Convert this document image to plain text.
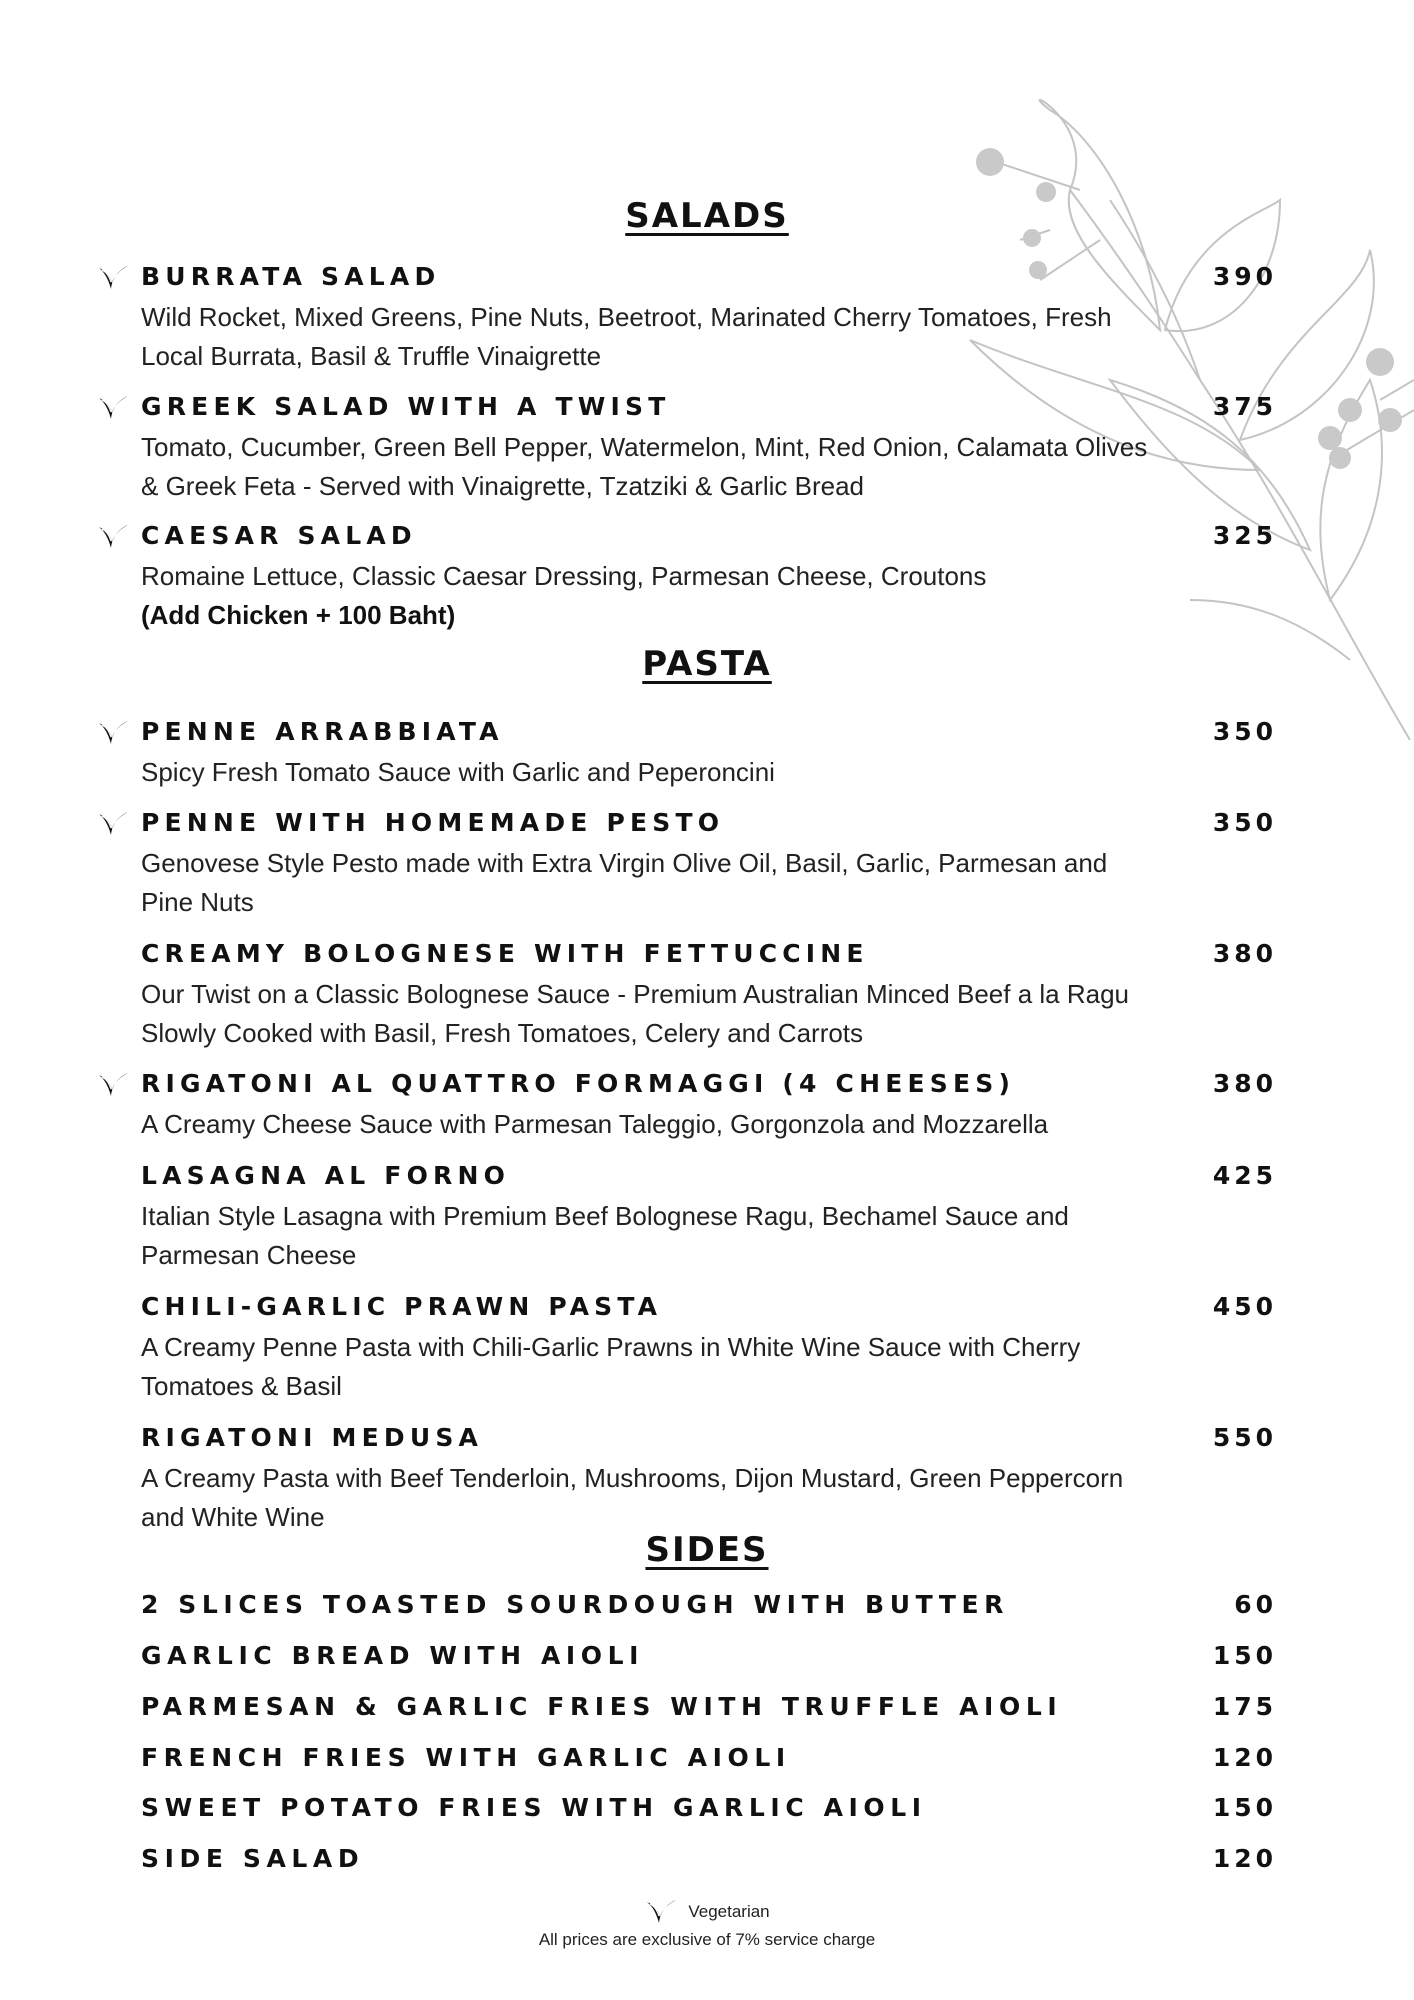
SALADS
BURRATA SALAD	390
Wild Rocket, Mixed Greens, Pine Nuts, Beetroot, Marinated Cherry Tomatoes, Fresh Local Burrata, Basil & Truffle Vinaigrette
GREEK SALAD WITH A TWIST	375
Tomato, Cucumber, Green Bell Pepper, Watermelon, Mint, Red Onion, Calamata Olives & Greek Feta - Served with Vinaigrette, Tzatziki & Garlic Bread
CAESAR SALAD	325
Romaine Lettuce, Classic Caesar Dressing, Parmesan Cheese, Croutons
(Add Chicken + 100 Baht)
PASTA
PENNE ARRABBIATA	350
Spicy Fresh Tomato Sauce with Garlic and Peperoncini
PENNE WITH HOMEMADE PESTO	350
Genovese Style Pesto made with Extra Virgin Olive Oil, Basil, Garlic, Parmesan and Pine Nuts
CREAMY BOLOGNESE WITH FETTUCCINE	380
Our Twist on a Classic Bolognese Sauce - Premium Australian Minced Beef a la Ragu Slowly Cooked with Basil, Fresh Tomatoes, Celery and Carrots
RIGATONI AL QUATTRO FORMAGGI (4 CHEESES)	380
A Creamy Cheese Sauce with Parmesan Taleggio, Gorgonzola and Mozzarella
LASAGNA AL FORNO	425
Italian Style Lasagna with Premium Beef Bolognese Ragu, Bechamel Sauce and Parmesan Cheese
CHILI-GARLIC PRAWN PASTA	450
A Creamy Penne Pasta with Chili-Garlic Prawns in White Wine Sauce with Cherry Tomatoes & Basil
RIGATONI MEDUSA	550
A Creamy Pasta with Beef Tenderloin, Mushrooms, Dijon Mustard, Green Peppercorn and White Wine
SIDES
2 SLICES TOASTED SOURDOUGH WITH BUTTER	60
GARLIC BREAD WITH AIOLI	150
PARMESAN & GARLIC FRIES WITH TRUFFLE AIOLI	175
FRENCH FRIES WITH GARLIC AIOLI	120
SWEET POTATO FRIES WITH GARLIC AIOLI	150
SIDE SALAD	120
Vegetarian
All prices are exclusive of 7% service charge
